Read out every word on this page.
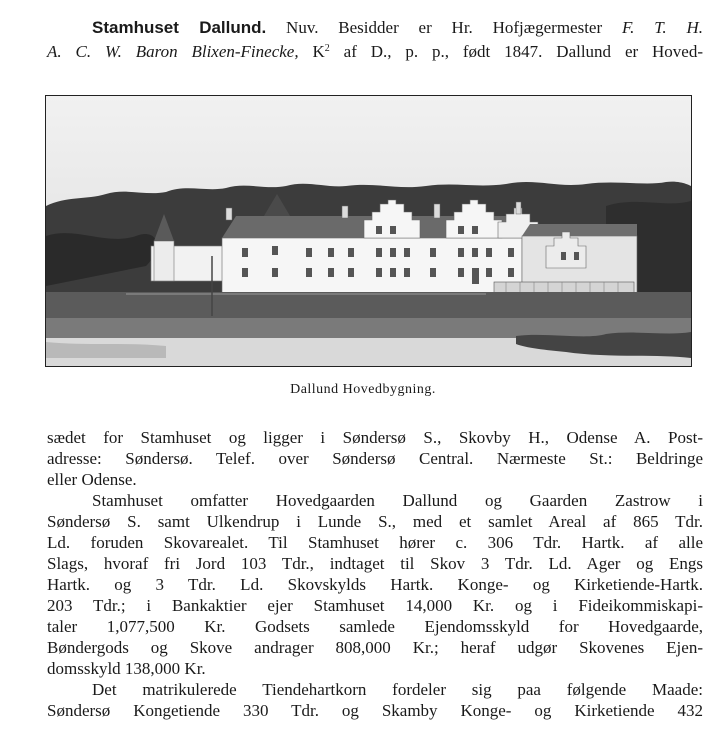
Stamhuset Dallund. Nuv. Besidder er Hr. Hofjægermester F. T. H.
A. C. W. Baron Blixen-Finecke, $K^2$ af D., p. p., født 1847. Dallund er Hoved-
Dallund Hovedbygning.
sædet for Stamhuset og ligger i Søndersø S., Skovby H., Odense A. Post-
adresse: Søndersø. Telef. over Søndersø Central. Nærmeste St.: Beldringe
eller Odense.
Stamhuset omfatter Hovedgaarden Dallund og Gaarden Zastrow i
Søndersø S. samt Ulkendrup i Lunde S., med et samlet Areal af 865 Tdr.
Ld. foruden Skovarealet. Til Stamhuset hører c. 306 Tdr. Hartk. af alle
Slags, hvoraf fri Jord 103 Tdr., indtaget til Skov 3 Tdr. Ld. Ager og Engs
Hartk. og 3 Tdr. Ld. Skovskylds Hartk. Konge- og Kirketiende-Hartk.
203 Tdr.; i Bankaktier ejer Stamhuset 14,000 Kr. og i Fideikommiskapi-
taler 1,077,500 Kr. Godsets samlede Ejendomsskyld for Hovedgaarde,
Bøndergods og Skove andrager 808,000 Kr.; heraf udgør Skovenes Ejen-
domsskyld 138,000 Kr.
Det matrikulerede Tiendehartkorn fordeler sig paa følgende Maade:
Søndersø Kongetiende 330 Tdr. og Skamby Konge- og Kirketiende 432
